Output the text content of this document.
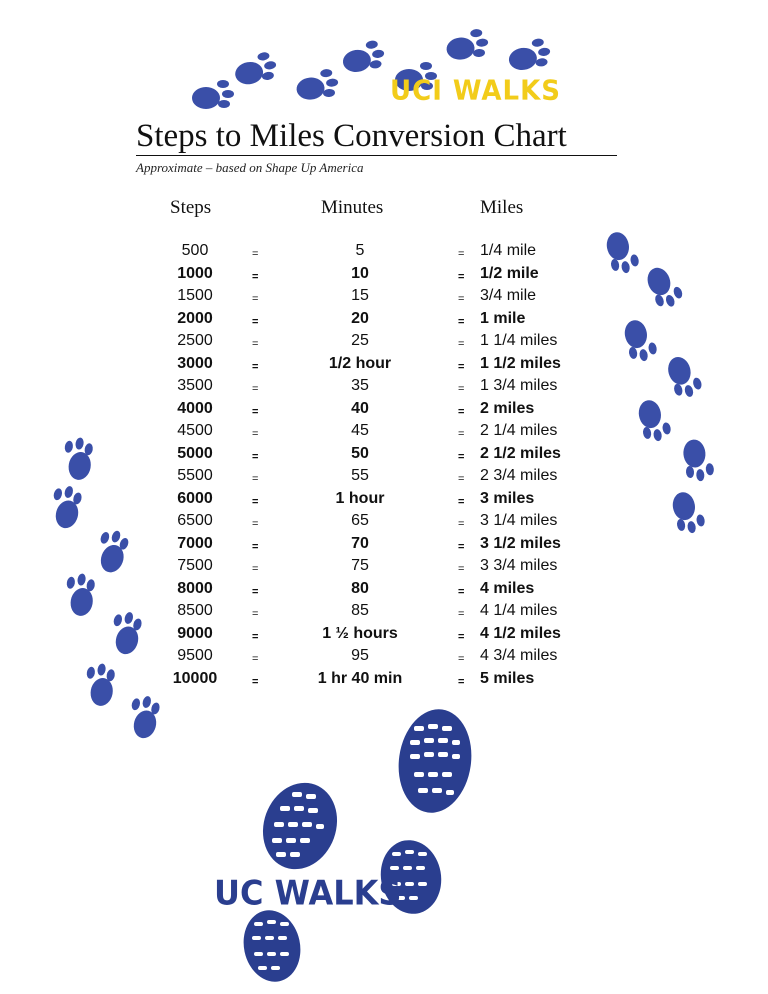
UCI WALKS
Steps to Miles Conversion Chart
Approximate – based on Shape Up America
Steps	Minutes	Miles
500	=	5	= 1/4 mile
1000	=	10	= 1/2 mile
1500	=	15	= 3/4 mile
2000	=	20	= 1 mile
2500	=	25	= 1 1/4 miles
3000	=	1/2 hour	= 1 1/2 miles
3500	=	35	= 1 3/4 miles
4000	=	40	= 2 miles
4500	=	45	= 2 1/4 miles
5000	=	50	= 2 1/2 miles
5500	=	55	= 2 3/4 miles
6000	=	1 hour	= 3 miles
6500	=	65	= 3 1/4 miles
7000	=	70	= 3 1/2 miles
7500	=	75	= 3 3/4 miles
8000	=	80	= 4 miles
8500	=	85	= 4 1/4 miles
9000	=	1 ½ hours	= 4 1/2 miles
9500	=	95	= 4 3/4 miles
10000	=	1 hr 40 min	= 5 miles
UC WALKS
